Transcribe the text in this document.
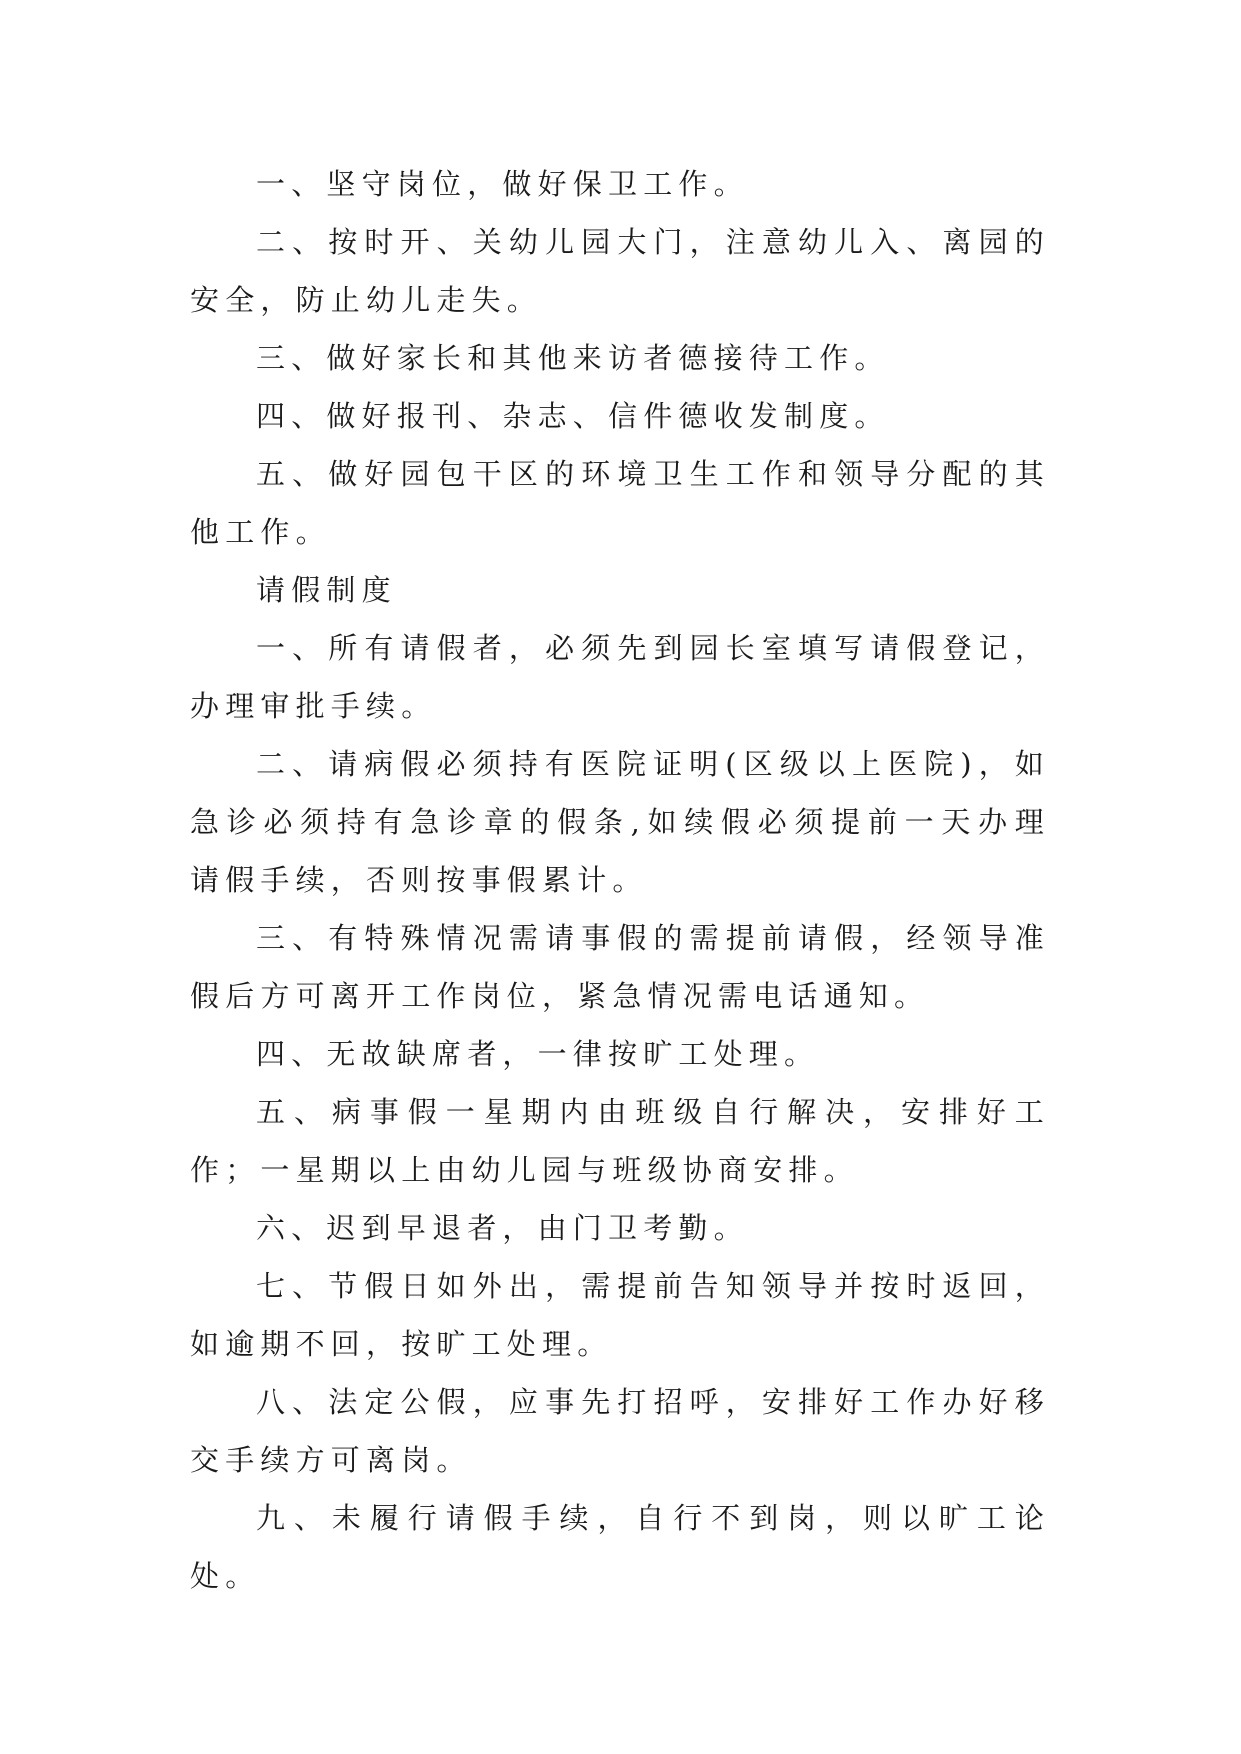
一、坚守岗位，做好保卫工作。

二、按时开、关幼儿园大门，注意幼儿入、离园的安全，防止幼儿走失。

三、做好家长和其他来访者德接待工作。

四、做好报刊、杂志、信件德收发制度。

五、做好园包干区的环境卫生工作和领导分配的其他工作。

请假制度

一、所有请假者，必须先到园长室填写请假登记，办理审批手续。

二、请病假必须持有医院证明(区级以上医院)，如急诊必须持有急诊章的假条,如续假必须提前一天办理请假手续，否则按事假累计。

三、有特殊情况需请事假的需提前请假，经领导准假后方可离开工作岗位，紧急情况需电话通知。

四、无故缺席者，一律按旷工处理。

五、病事假一星期内由班级自行解决，安排好工作；一星期以上由幼儿园与班级协商安排。

六、迟到早退者，由门卫考勤。

七、节假日如外出，需提前告知领导并按时返回，如逾期不回，按旷工处理。

八、法定公假，应事先打招呼，安排好工作办好移交手续方可离岗。

九、未履行请假手续，自行不到岗，则以旷工论处。
